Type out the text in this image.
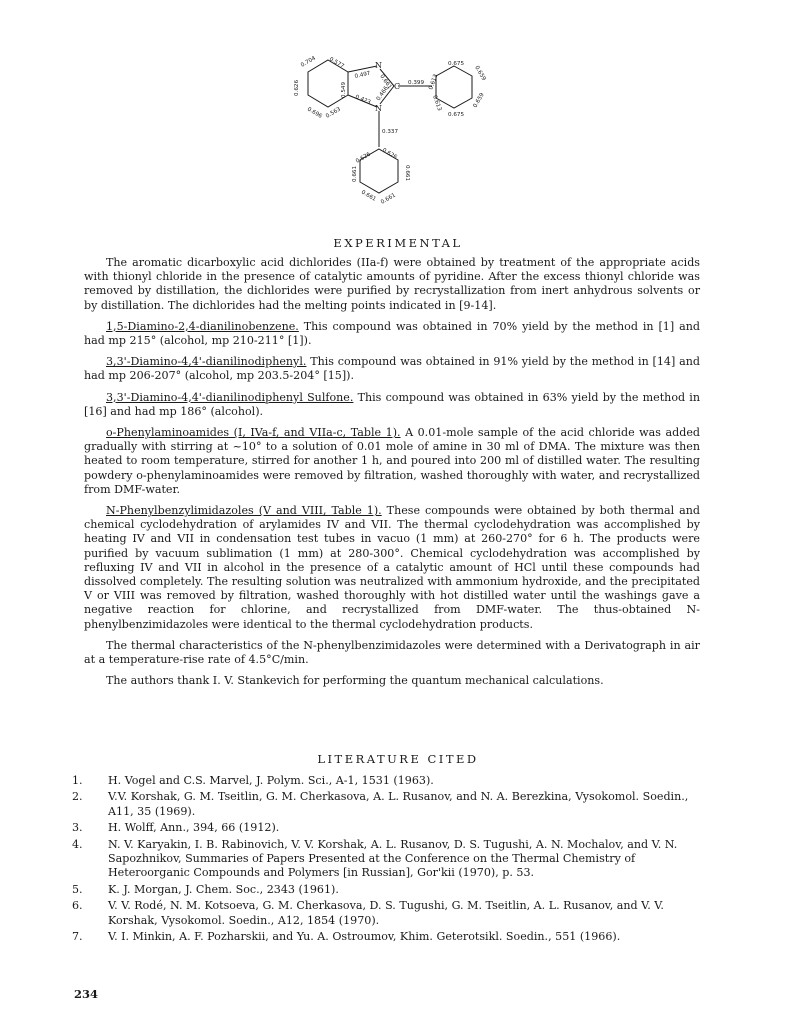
N
C
N
0.704 0.577
0.626
0.696 0.563
0.549
0.497 0.661
0.466
0.423
0.399
0.337
0.675
0.659
0.613
0.613
0.675
0.659
0.626 0.626
0.661	0.661
0.661 0.661
EXPERIMENTAL

The aromatic dicarboxylic acid dichlorides (IIa-f) were obtained by treatment of the appropriate acids with thionyl chloride in the presence of catalytic amounts of pyridine. After the excess thionyl chloride was removed by distillation, the dichlorides were purified by recrystallization from inert anhydrous solvents or by distillation. The dichlorides had the melting points indicated in [9-14].

1,5-Diamino-2,4-dianilinobenzene. This compound was obtained in 70% yield by the method in [1] and had mp 215° (alcohol, mp 210-211° [1]).

3,3'-Diamino-4,4'-dianilinodiphenyl. This compound was obtained in 91% yield by the method in [14] and had mp 206-207° (alcohol, mp 203.5-204° [15]).

3,3'-Diamino-4,4'-dianilinodiphenyl Sulfone. This compound was obtained in 63% yield by the method in [16] and had mp 186° (alcohol).

o-Phenylaminoamides (I, IVa-f, and VIIa-c, Table 1). A 0.01-mole sample of the acid chloride was added gradually with stirring at ~10° to a solution of 0.01 mole of amine in 30 ml of DMA. The mixture was then heated to room temperature, stirred for another 1 h, and poured into 200 ml of distilled water. The resulting powdery o-phenylaminoamides were removed by filtration, washed thoroughly with water, and recrystallized from DMF-water.

N-Phenylbenzylimidazoles (V and VIII, Table 1). These compounds were obtained by both thermal and chemical cyclodehydration of arylamides IV and VII. The thermal cyclodehydration was accomplished by heating IV and VII in condensation test tubes in vacuo (1 mm) at 260-270° for 6 h. The products were purified by vacuum sublimation (1 mm) at 280-300°. Chemical cyclodehydration was accomplished by refluxing IV and VII in alcohol in the presence of a catalytic amount of HCl until these compounds had dissolved completely. The resulting solution was neutralized with ammonium hydroxide, and the precipitated V or VIII was removed by filtration, washed thoroughly with hot distilled water until the washings gave a negative reaction for chlorine, and recrystallized from DMF-water. The thus-obtained N-phenylbenzimidazoles were identical to the thermal cyclodehydration products.

The thermal characteristics of the N-phenylbenzimidazoles were determined with a Derivatograph in air at a temperature-rise rate of 4.5°C/min.

The authors thank I. V. Stankevich for performing the quantum mechanical calculations.

LITERATURE CITED
1.	H. Vogel and C.S. Marvel, J. Polym. Sci., A-1, 1531 (1963).
2.	V.V. Korshak, G. M. Tseitlin, G. M. Cherkasova, A. L. Rusanov, and N. A. Berezkina, Vysokomol. Soedin., A11, 35 (1969).
3.	H. Wolff, Ann., 394, 66 (1912).
4.	N. V. Karyakin, I. B. Rabinovich, V. V. Korshak, A. L. Rusanov, D. S. Tugushi, A. N. Mochalov, and V. N. Sapozhnikov, Summaries of Papers Presented at the Conference on the Thermal Chemistry of Heteroorganic Compounds and Polymers [in Russian], Gor'kii (1970), p. 53.
5.	K. J. Morgan, J. Chem. Soc., 2343 (1961).
6.	V. V. Rodé, N. M. Kotsoeva, G. M. Cherkasova, D. S. Tugushi, G. M. Tseitlin, A. L. Rusanov, and V. V. Korshak, Vysokomol. Soedin., A12, 1854 (1970).
7.	V. I. Minkin, A. F. Pozharskii, and Yu. A. Ostroumov, Khim. Geterotsikl. Soedin., 551 (1966).
234
